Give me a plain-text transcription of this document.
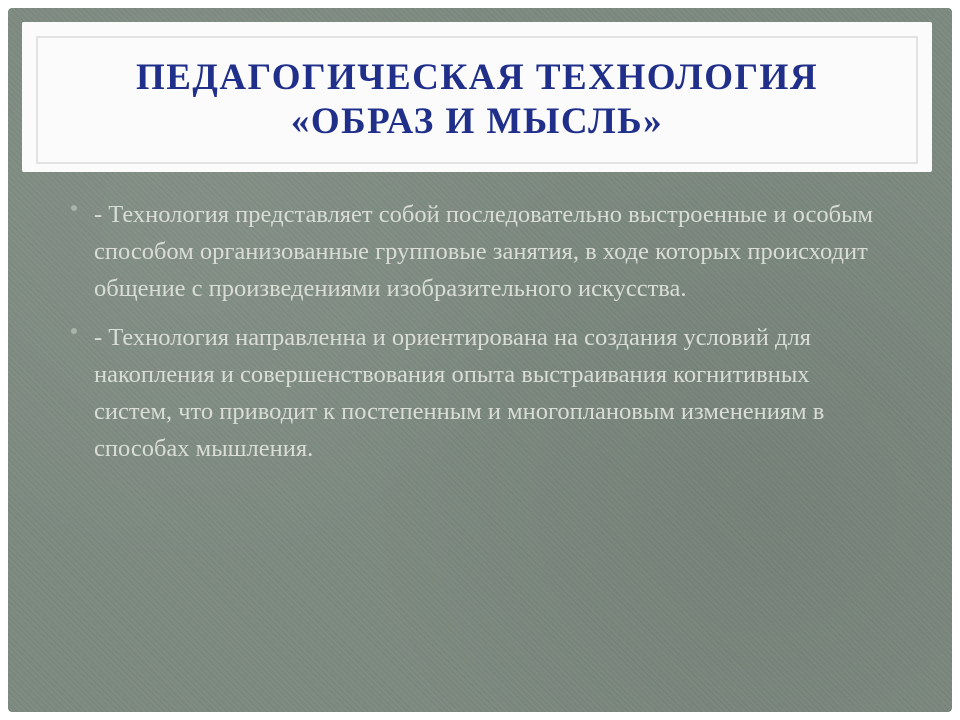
ПЕДАГОГИЧЕСКАЯ ТЕХНОЛОГИЯ
«ОБРАЗ И МЫСЛЬ»
- Технология представляет собой последовательно выстроенные и особым способом организованные групповые занятия, в ходе которых происходит общение с произведениями изобразительного искусства.
- Технология направленна и ориентирована на создания условий для накопления и совершенствования опыта выстраивания когнитивных систем, что приводит к постепенным и многоплановым изменениям в способах мышления.
